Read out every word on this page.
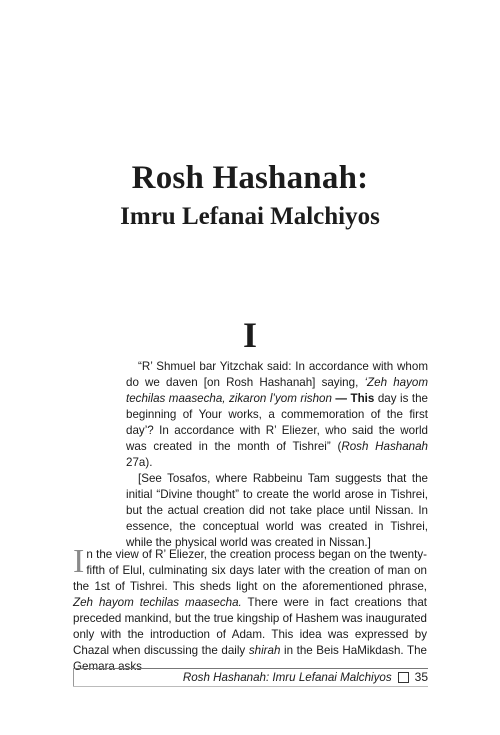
Rosh Hashanah:
Imru Lefanai Malchiyos
I

“R’ Shmuel bar Yitzchak said: In accordance with whom do we daven [on Rosh Hashanah] saying, ‘Zeh hayom techilas maasecha, zikaron l’yom rishon — This day is the beginning of Your works, a commemoration of the first day’? In accordance with R’ Eliezer, who said the world was created in the month of Tishrei” (Rosh Hashanah 27a).

[See Tosafos, where Rabbeinu Tam suggests that the initial “Divine thought” to create the world arose in Tishrei, but the actual creation did not take place until Nissan. In essence, the conceptual world was created in Tishrei, while the physical world was created in Nissan.]

In the view of R’ Eliezer, the creation process began on the twenty-fifth of Elul, culminating six days later with the creation of man on the 1st of Tishrei. This sheds light on the aforementioned phrase, Zeh hayom techilas maasecha. There were in fact creations that preceded mankind, but the true kingship of Hashem was inaugurated only with the introduction of Adam. This idea was expressed by Chazal when discussing the daily shirah in the Beis HaMikdash. The Gemara asks

Rosh Hashanah: Imru Lefanai Malchiyos 35
